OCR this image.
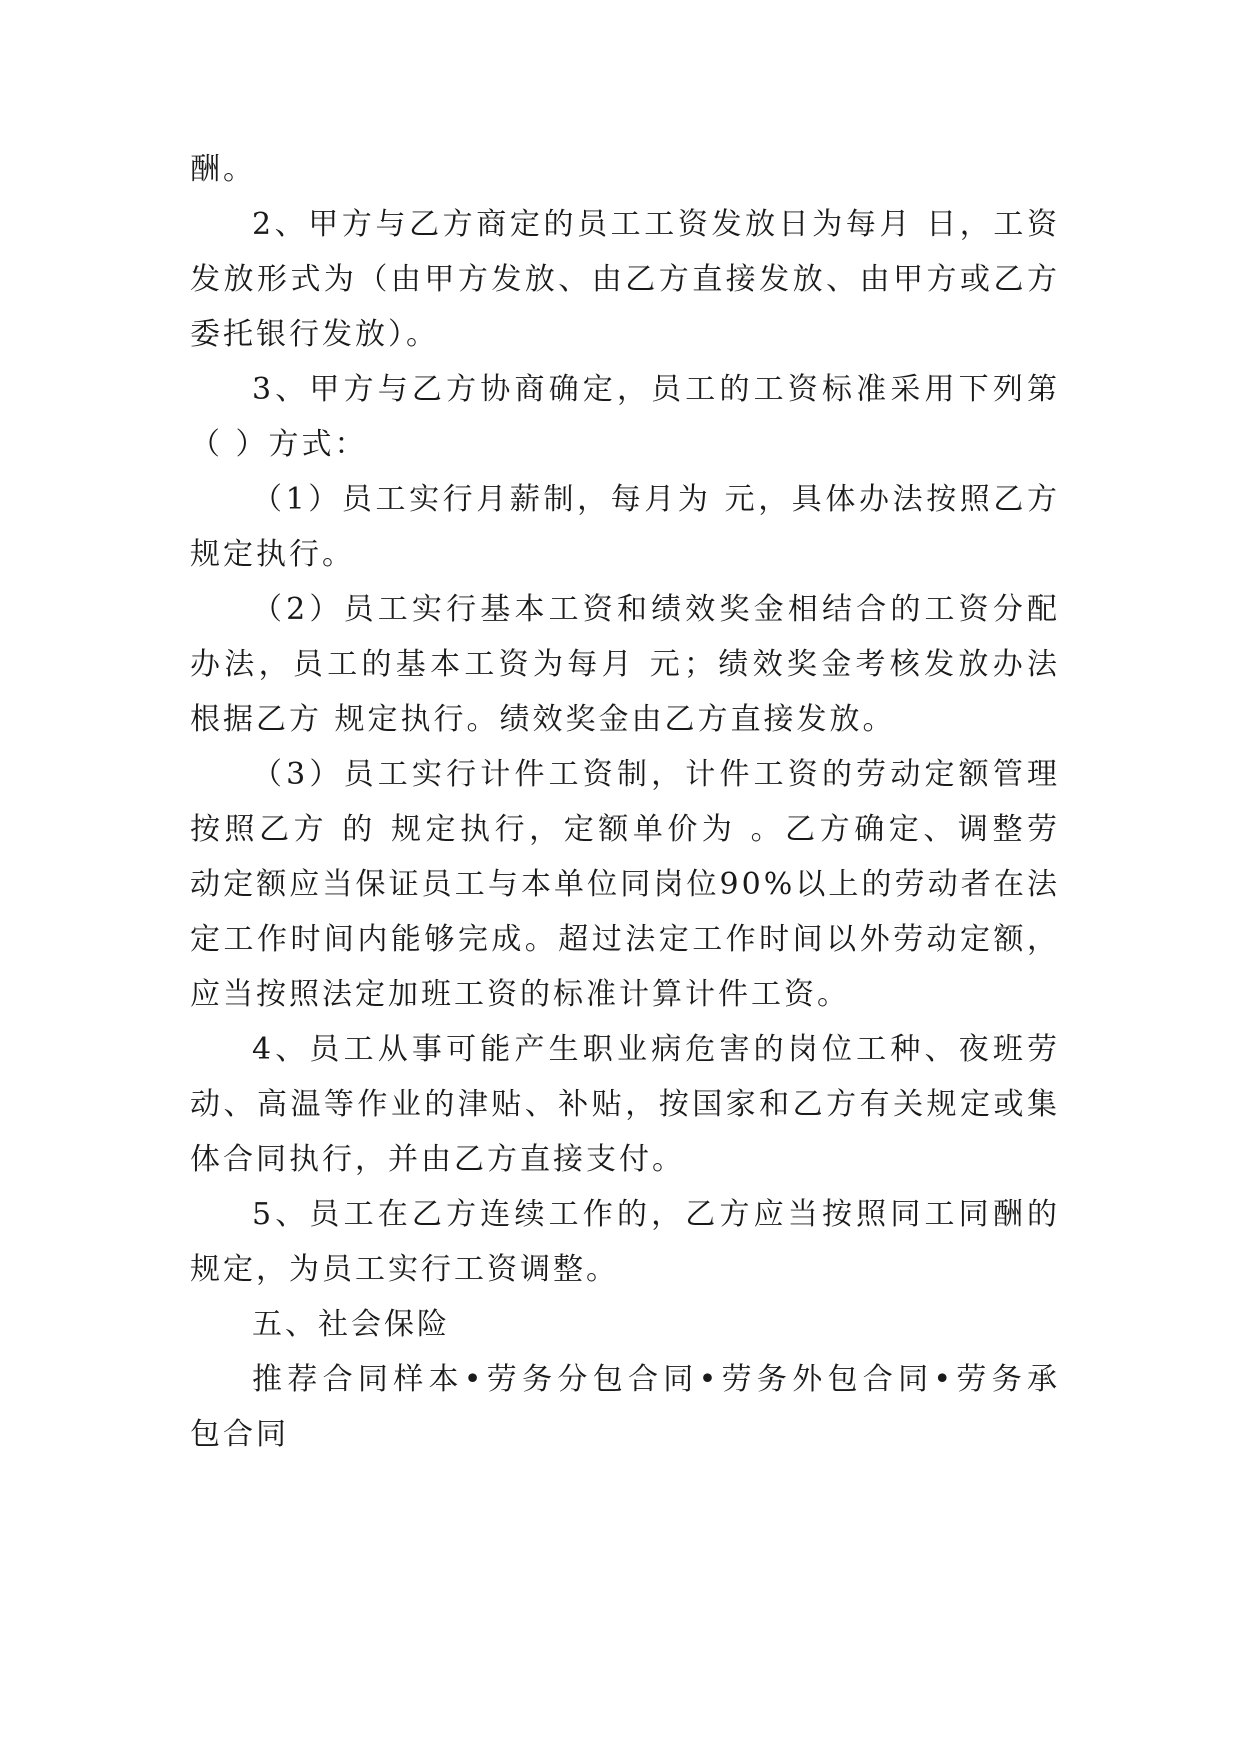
酬。
2、甲方与乙方商定的员工工资发放日为每月 日，工资
发放形式为（由甲方发放、由乙方直接发放、由甲方或乙方
委托银行发放）。
3、甲方与乙方协商确定，员工的工资标准采用下列第
（ ）方式：
（1）员工实行月薪制，每月为 元，具体办法按照乙方
规定执行。
（2）员工实行基本工资和绩效奖金相结合的工资分配
办法，员工的基本工资为每月 元；绩效奖金考核发放办法
根据乙方 规定执行。绩效奖金由乙方直接发放。
（3）员工实行计件工资制，计件工资的劳动定额管理
按照乙方 的 规定执行，定额单价为 。乙方确定、调整劳
动定额应当保证员工与本单位同岗位90%以上的劳动者在法
定工作时间内能够完成。超过法定工作时间以外劳动定额，
应当按照法定加班工资的标准计算计件工资。
4、员工从事可能产生职业病危害的岗位工种、夜班劳
动、高温等作业的津贴、补贴，按国家和乙方有关规定或集
体合同执行，并由乙方直接支付。
5、员工在乙方连续工作的，乙方应当按照同工同酬的
规定，为员工实行工资调整。
五、社会保险
推荐合同样本•劳务分包合同•劳务外包合同•劳务承
包合同
